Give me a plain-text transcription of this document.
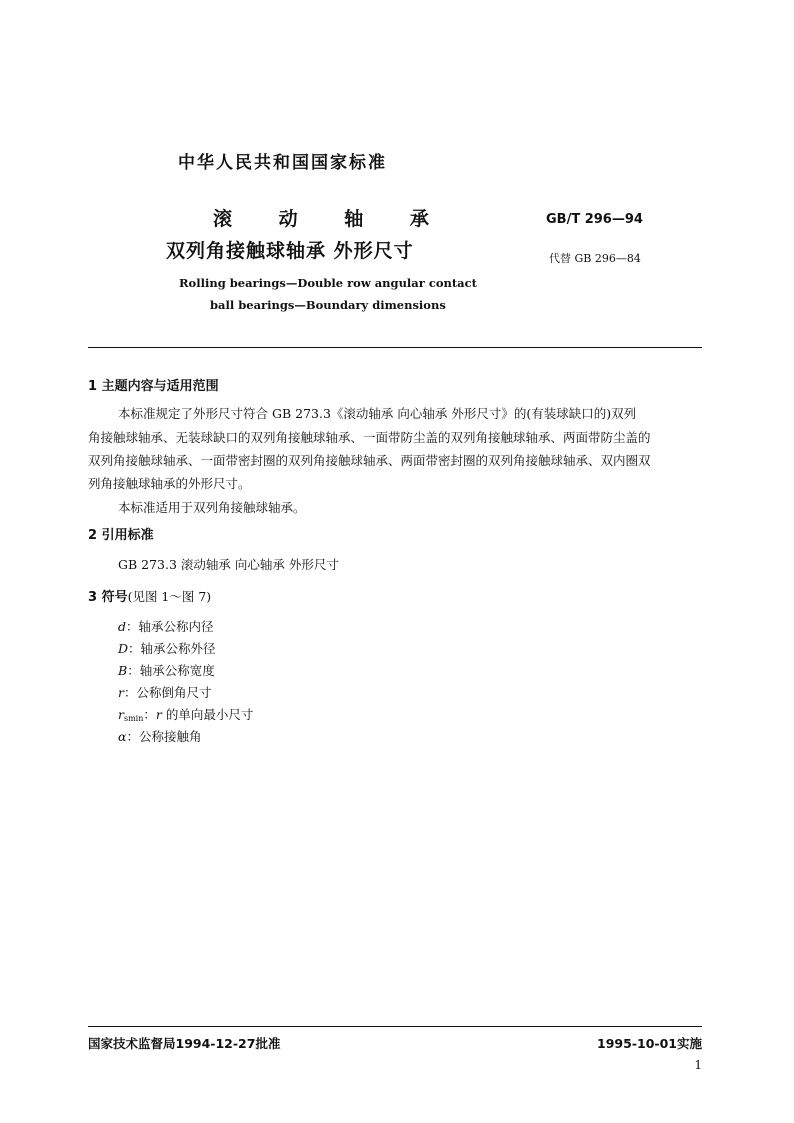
中华人民共和国国家标准
滚 动 轴 承
双列角接触球轴承 外形尺寸
Rolling bearings—Double row angular contact
ball bearings—Boundary dimensions
GB/T 296—94
代替 GB 296—84
1 主题内容与适用范围
本标准规定了外形尺寸符合 GB 273.3《滚动轴承 向心轴承 外形尺寸》的(有装球缺口的)双列
角接触球轴承、无装球缺口的双列角接触球轴承、一面带防尘盖的双列角接触球轴承、两面带防尘盖的
双列角接触球轴承、一面带密封圈的双列角接触球轴承、两面带密封圈的双列角接触球轴承、双内圈双
列角接触球轴承的外形尺寸。
本标准适用于双列角接触球轴承。
2 引用标准
GB 273.3 滚动轴承 向心轴承 外形尺寸
3 符号(见图 1～图 7)
d：轴承公称内径
D：轴承公称外径
B：轴承公称宽度
r：公称倒角尺寸
$r_{smin}$：r 的单向最小尺寸
α：公称接触角
国家技术监督局1994-12-27批准	1995-10-01实施
1
